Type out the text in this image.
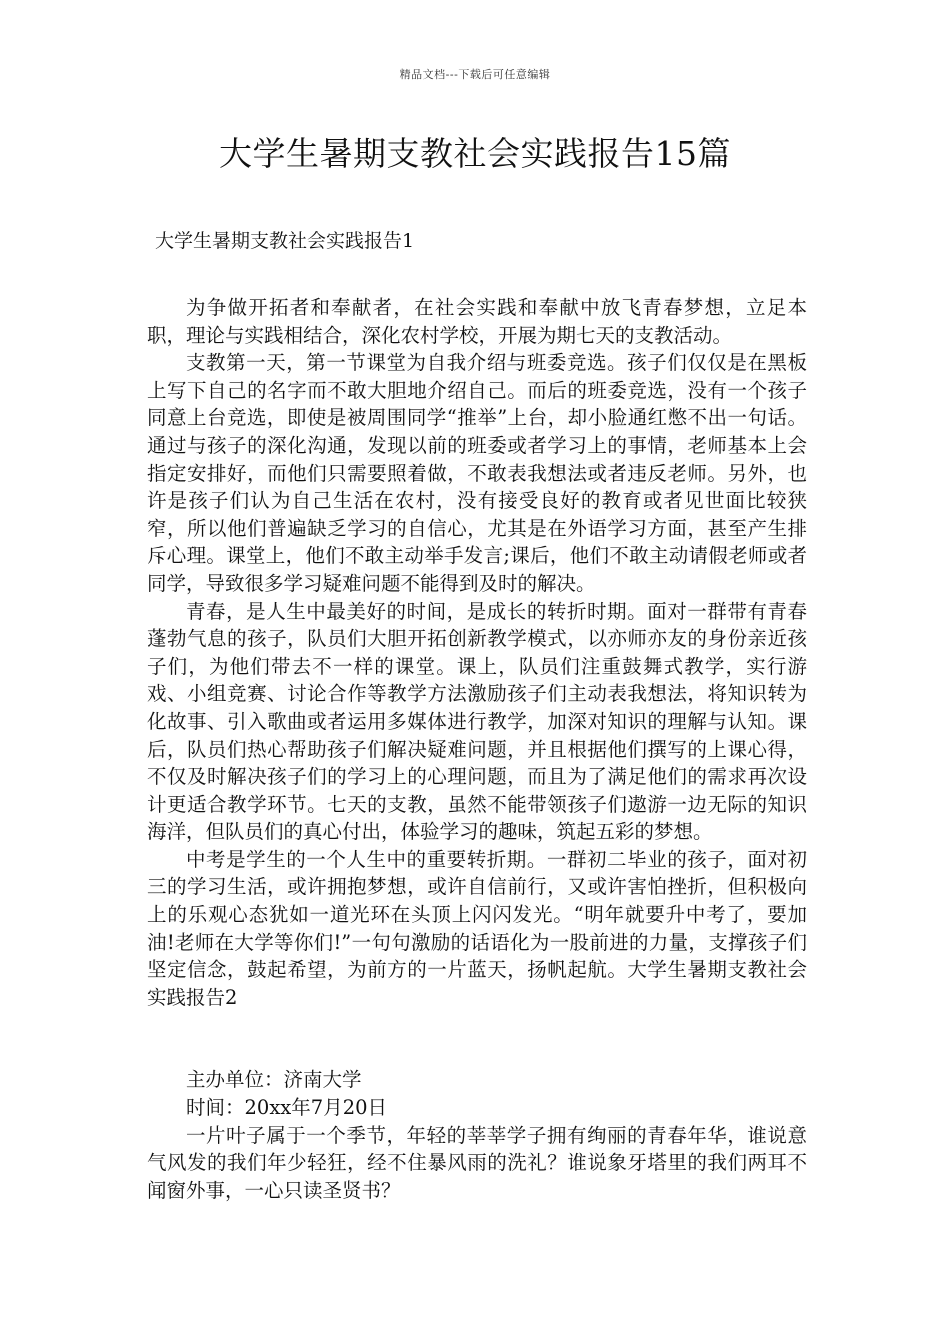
精品文档---下载后可任意编辑
大学生暑期支教社会实践报告15篇
大学生暑期支教社会实践报告1

为争做开拓者和奉献者，在社会实践和奉献中放飞青春梦想，立足本职，理论与实践相结合，深化农村学校，开展为期七天的支教活动。

支教第一天，第一节课堂为自我介绍与班委竞选。孩子们仅仅是在黑板上写下自己的名字而不敢大胆地介绍自己。而后的班委竞选，没有一个孩子同意上台竞选，即使是被周围同学“推举”上台，却小脸通红憋不出一句话。通过与孩子的深化沟通，发现以前的班委或者学习上的事情，老师基本上会指定安排好，而他们只需要照着做，不敢表我想法或者违反老师。另外，也许是孩子们认为自己生活在农村，没有接受良好的教育或者见世面比较狭窄，所以他们普遍缺乏学习的自信心，尤其是在外语学习方面，甚至产生排斥心理。课堂上，他们不敢主动举手发言;课后，他们不敢主动请假老师或者同学，导致很多学习疑难问题不能得到及时的解决。

青春，是人生中最美好的时间，是成长的转折时期。面对一群带有青春蓬勃气息的孩子，队员们大胆开拓创新教学模式，以亦师亦友的身份亲近孩子们，为他们带去不一样的课堂。课上，队员们注重鼓舞式教学，实行游戏、小组竞赛、讨论合作等教学方法激励孩子们主动表我想法，将知识转为化故事、引入歌曲或者运用多媒体进行教学，加深对知识的理解与认知。课后，队员们热心帮助孩子们解决疑难问题，并且根据他们撰写的上课心得，不仅及时解决孩子们的学习上的心理问题，而且为了满足他们的需求再次设计更适合教学环节。七天的支教，虽然不能带领孩子们遨游一边无际的知识海洋，但队员们的真心付出，体验学习的趣味，筑起五彩的梦想。

中考是学生的一个人生中的重要转折期。一群初二毕业的孩子，面对初三的学习生活，或许拥抱梦想，或许自信前行，又或许害怕挫折，但积极向上的乐观心态犹如一道光环在头顶上闪闪发光。“明年就要升中考了，要加油!老师在大学等你们!”一句句激励的话语化为一股前进的力量，支撑孩子们坚定信念，鼓起希望，为前方的一片蓝天，扬帆起航。大学生暑期支教社会实践报告2

主办单位：济南大学

时间：20xx年7月20日

一片叶子属于一个季节，年轻的莘莘学子拥有绚丽的青春年华，谁说意气风发的我们年少轻狂，经不住暴风雨的洗礼？谁说象牙塔里的我们两耳不闻窗外事，一心只读圣贤书？
